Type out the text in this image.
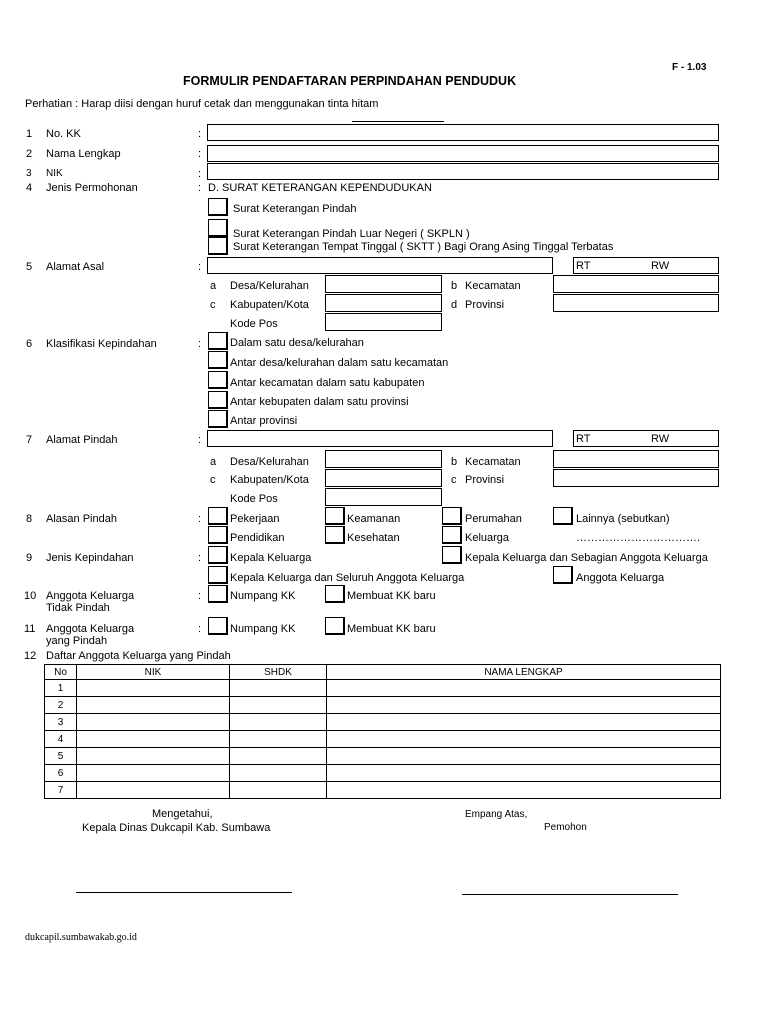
F - 1.03
FORMULIR PENDAFTARAN PERPINDAHAN PENDUDUK
Perhatian : Harap diisi dengan huruf cetak dan menggunakan tinta hitam
1 No. KK	:
2 Nama Lengkap	:
3 NIK	:
4 Jenis Permohonan	: D. SURAT KETERANGAN KEPENDUDUKAN
Surat Keterangan Pindah
Surat Keterangan Pindah Luar Negeri ( SKPLN )
Surat Keterangan Tempat Tinggal ( SKTT ) Bagi Orang Asing Tinggal Terbatas
5 Alamat Asal	:	RT	RW
a Desa/Kelurahan	b Kecamatan
c Kabupaten/Kota	d Provinsi
Kode Pos
6 Klasifikasi Kepindahan	:	Dalam satu desa/kelurahan
Antar desa/kelurahan dalam satu kecamatan
Antar kecamatan dalam satu kabupaten
Antar kebupaten dalam satu provinsi
Antar provinsi
7 Alamat Pindah	:	RT	RW
a Desa/Kelurahan	b Kecamatan
c Kabupaten/Kota	c Provinsi
Kode Pos
8 Alasan Pindah	:	Pekerjaan	Keamanan	Perumahan	Lainnya (sebutkan)
Pendidikan	Kesehatan	Keluarga	…………………………….
9 Jenis Kepindahan	:	Kepala Keluarga	Kepala Keluarga dan Sebagian Anggota Keluarga
Kepala Keluarga dan Seluruh Anggota Keluarga	Anggota Keluarga
10 Anggota Keluarga
Tidak Pindah
:	Numpang KK	Membuat KK baru
11 Anggota Keluarga
yang Pindah
:	Numpang KK	Membuat KK baru
12 Daftar Anggota Keluarga yang Pindah
No	NIK	SHDK	NAMA LENGKAP
1			
2			
3			
4			
5			
6			
7			
Mengetahui,
Kepala Dinas Dukcapil Kab. Sumbawa
Empang Atas,
Pemohon
dukcapil.sumbawakab.go.id
